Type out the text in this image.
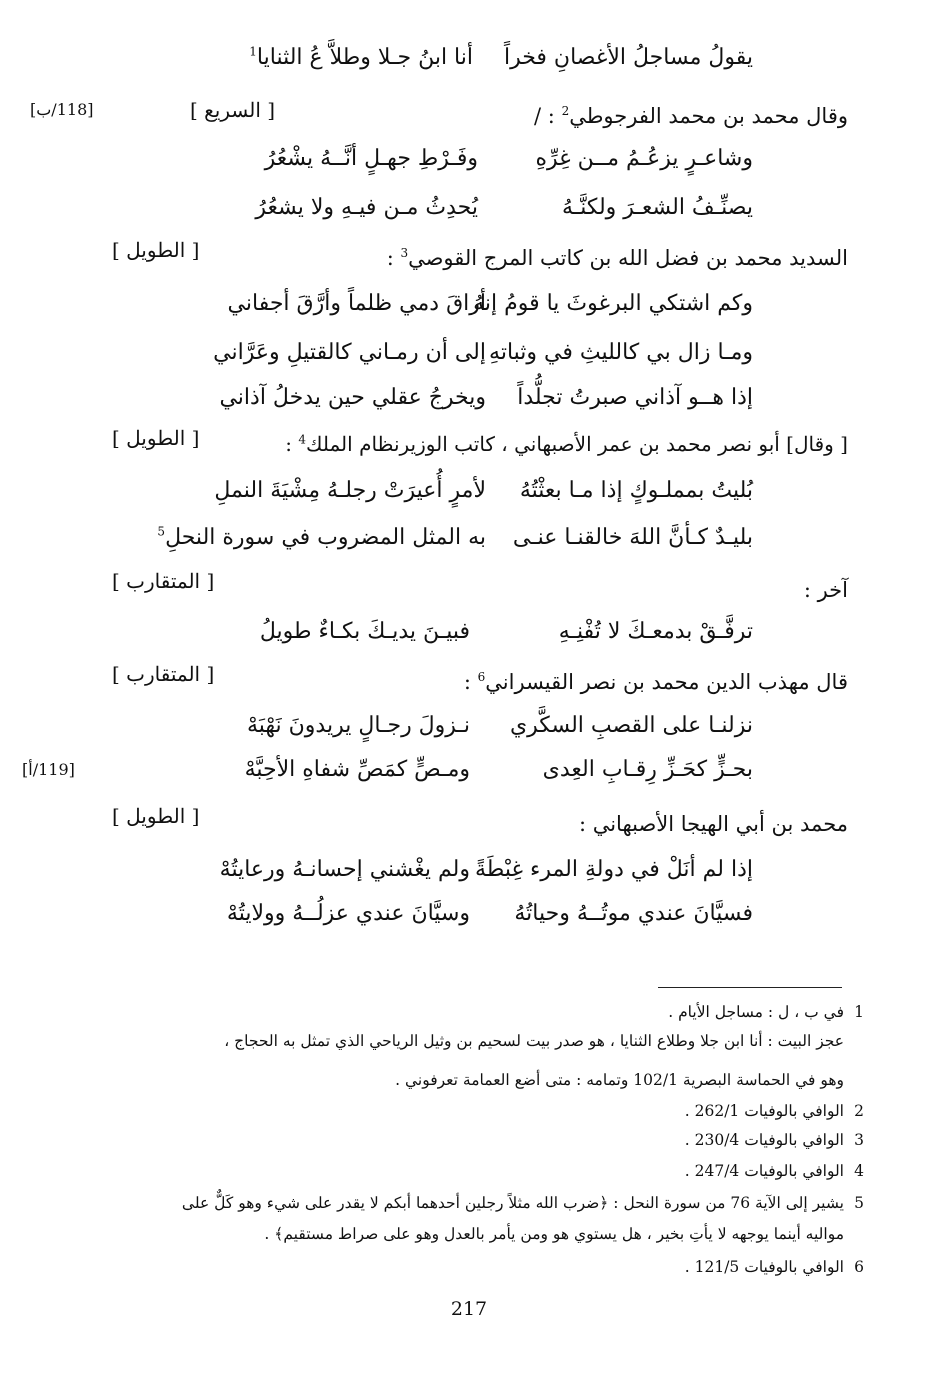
يقولُ مساجلُ الأغصانِ فخراً
أنا ابنُ جـلا وطلاَّ عُ الثنايا$^1$
وقال محمد بن محمد الفرجوطي$^2$ : /
[ السريع ]
[118/ب]
وشاعـرٍ يزعُـمُ مــن غِرِّهِ
وفَـرْطِ جهـلٍ أنَّــهُ يشْعُرُ
يصنِّـفُ الشعـرَ ولكنَّـهُ
يُحدِثُ مـن فيـهِ ولا يشعُرُ
السديد محمد بن فضل الله بن كاتب المرج القوصي$^3$ :
[ الطويل ]
وكم اشتكي البرغوثَ يا قومُ إنهُ
أراقَ دمي ظلماً وأرَّقَ أجفاني
ومـا زال بي كالليثِ في وثباتهِ
إلى أن رمـاني كالقتيلِ وعَرَّاني
إذا هــو آذاني صبرتُ تجلُّداً
ويخرجُ عقلي حين يدخلُ آذاني
[ وقال] أبو نصر محمد بن عمر الأصبهاني ، كاتب الوزيرنظام الملك$^4$ :
[ الطويل ]
بُليتُ بمملـوكٍ إذا مـا بعثْتُهُ
لأمرٍ أُعيرَتْ رجلـهُ مِشْيَةَ النملِ
بليـدٌ كـأنَّ اللهَ خالقنـا عنـى
به المثل المضروب في سورة النحلِ$^5$
آخر :
[ المتقارب ]
ترفَّـقْ بدمعـكَ لا تُفْنِـهِ
فبيـنَ يديـكَ بكـاءٌ طويلُ
قال مهذب الدين محمد بن نصر القيسراني$^6$ :
[ المتقارب ]
نزلنـا على القصبِ السكَّري
نـزولَ رجـالٍ يريدونَ نَهْبَهْ
بحـزٍّ كحَـزِّ رِقـابِ العِدى
ومـصٍّ كمَصِّ شفاهِ الأحِبَّهْ
[119/أ]
محمد بن أبي الهيجا الأصبهاني :
[ الطويل ]
إذا لم أنَلْ في دولةِ المرء غِبْطَةً
ولم يغْشني إحسانـهُ ورعايتُهْ
فسيَّانَ عندي موتُــهُ وحياتُهُ
وسيَّانَ عندي عزلُــهُ وولايتُهْ
1
في ب ، ل : مساجل الأيام .
عجز البيت : أنا ابن جلا وطلاع الثنايا ، هو صدر بيت لسحيم بن وثيل الرياحي الذي تمثل به الحجاج ،
وهو في الحماسة البصرية 102/1 وتمامه : متى أضع العمامة تعرفوني .
2
الوافي بالوفيات 262/1 .
3
الوافي بالوفيات 230/4 .
4
الوافي بالوفيات 247/4 .
5
يشير إلى الآية 76 من سورة النحل : ﴿ضرب الله مثلاً رجلين أحدهما أبكم لا يقدر على شيء وهو كَلٌّ على
مواليه أينما يوجهه لا يأتِ بخير ، هل يستوي هو ومن يأمر بالعدل وهو على صراط مستقيم﴾ .
6
الوافي بالوفيات 121/5 .
217
